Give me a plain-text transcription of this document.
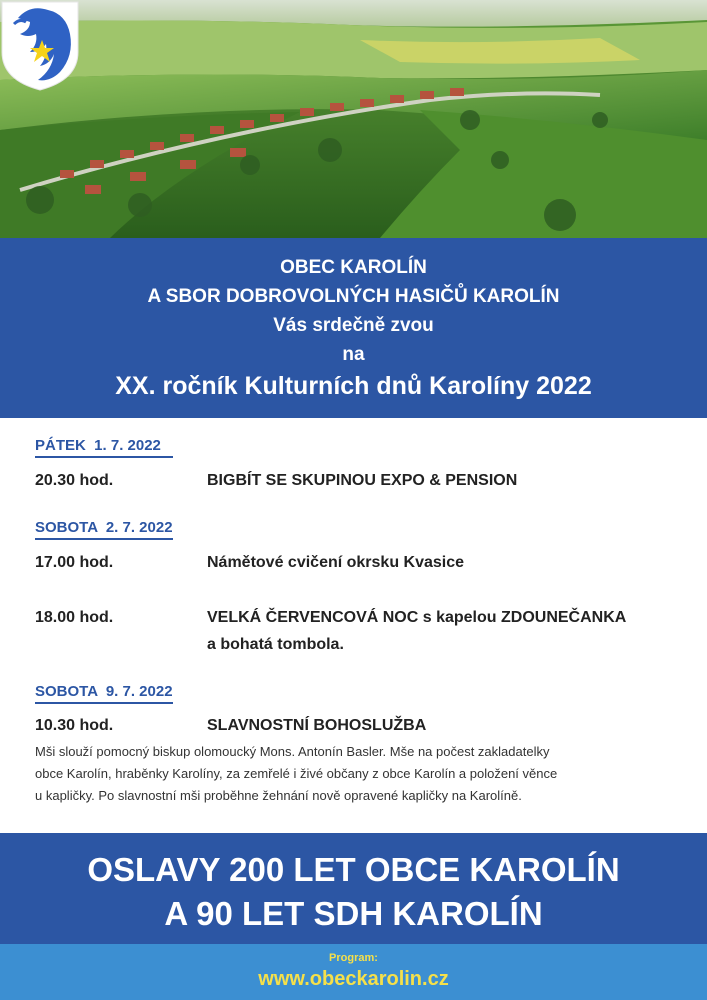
OBEC KAROLÍN
A SBOR DOBROVOLNÝCH HASIČŮ KAROLÍN
Vás srdečně zvou
na
XX. ročník Kulturních dnů Karolíny 2022
PÁTEK  1. 7. 2022
20.30 hod.	BIGBÍT SE SKUPINOU EXPO & PENSION
SOBOTA  2. 7. 2022
17.00 hod.	Námětové cvičení okrsku Kvasice
18.00 hod.	VELKÁ ČERVENCOVÁ NOC s kapelou ZDOUNEČANKA
a bohatá tombola.
SOBOTA  9. 7. 2022
10.30 hod.	SLAVNOSTNÍ BOHOSLUŽBA
Mši slouží pomocný biskup olomoucký Mons. Antonín Basler. Mše na počest zakladatelky
obce Karolín, hraběnky Karolíny, za zemřelé i živé občany z obce Karolín a položení věnce
u kapličky. Po slavnostní mši proběhne žehnání nově opravené kapličky na Karolíně.
OSLAVY 200 LET OBCE KAROLÍN
A 90 LET SDH KAROLÍN
Program:
www.obeckarolin.cz
